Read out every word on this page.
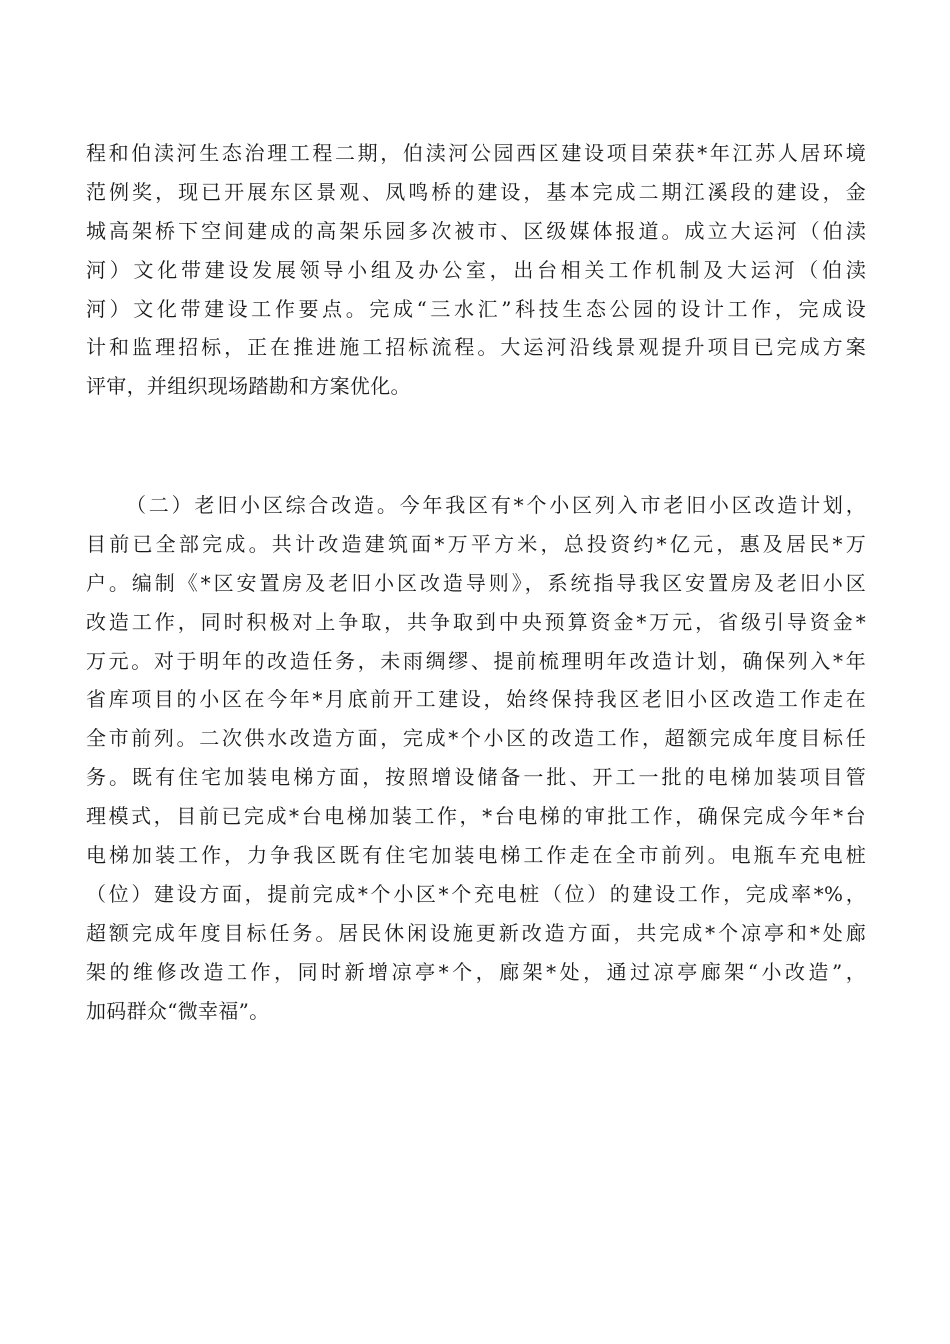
程和伯渎河生态治理工程二期，伯渎河公园西区建设项目荣获*年江苏人居环境
范例奖，现已开展东区景观、凤鸣桥的建设，基本完成二期江溪段的建设，金
城高架桥下空间建成的高架乐园多次被市、区级媒体报道。成立大运河（伯渎
河）文化带建设发展领导小组及办公室，出台相关工作机制及大运河（伯渎
河）文化带建设工作要点。完成“三水汇”科技生态公园的设计工作，完成设
计和监理招标，正在推进施工招标流程。大运河沿线景观提升项目已完成方案
评审，并组织现场踏勘和方案优化。
（二）老旧小区综合改造。今年我区有*个小区列入市老旧小区改造计划，
目前已全部完成。共计改造建筑面*万平方米，总投资约*亿元，惠及居民*万
户。编制《*区安置房及老旧小区改造导则》，系统指导我区安置房及老旧小区
改造工作，同时积极对上争取，共争取到中央预算资金*万元，省级引导资金*
万元。对于明年的改造任务，未雨绸缪、提前梳理明年改造计划，确保列入*年
省库项目的小区在今年*月底前开工建设，始终保持我区老旧小区改造工作走在
全市前列。二次供水改造方面，完成*个小区的改造工作，超额完成年度目标任
务。既有住宅加装电梯方面，按照增设储备一批、开工一批的电梯加装项目管
理模式，目前已完成*台电梯加装工作，*台电梯的审批工作，确保完成今年*台
电梯加装工作，力争我区既有住宅加装电梯工作走在全市前列。电瓶车充电桩
（位）建设方面，提前完成*个小区*个充电桩（位）的建设工作，完成率*%，
超额完成年度目标任务。居民休闲设施更新改造方面，共完成*个凉亭和*处廊
架的维修改造工作，同时新增凉亭*个，廊架*处，通过凉亭廊架“小改造”，
加码群众“微幸福”。
